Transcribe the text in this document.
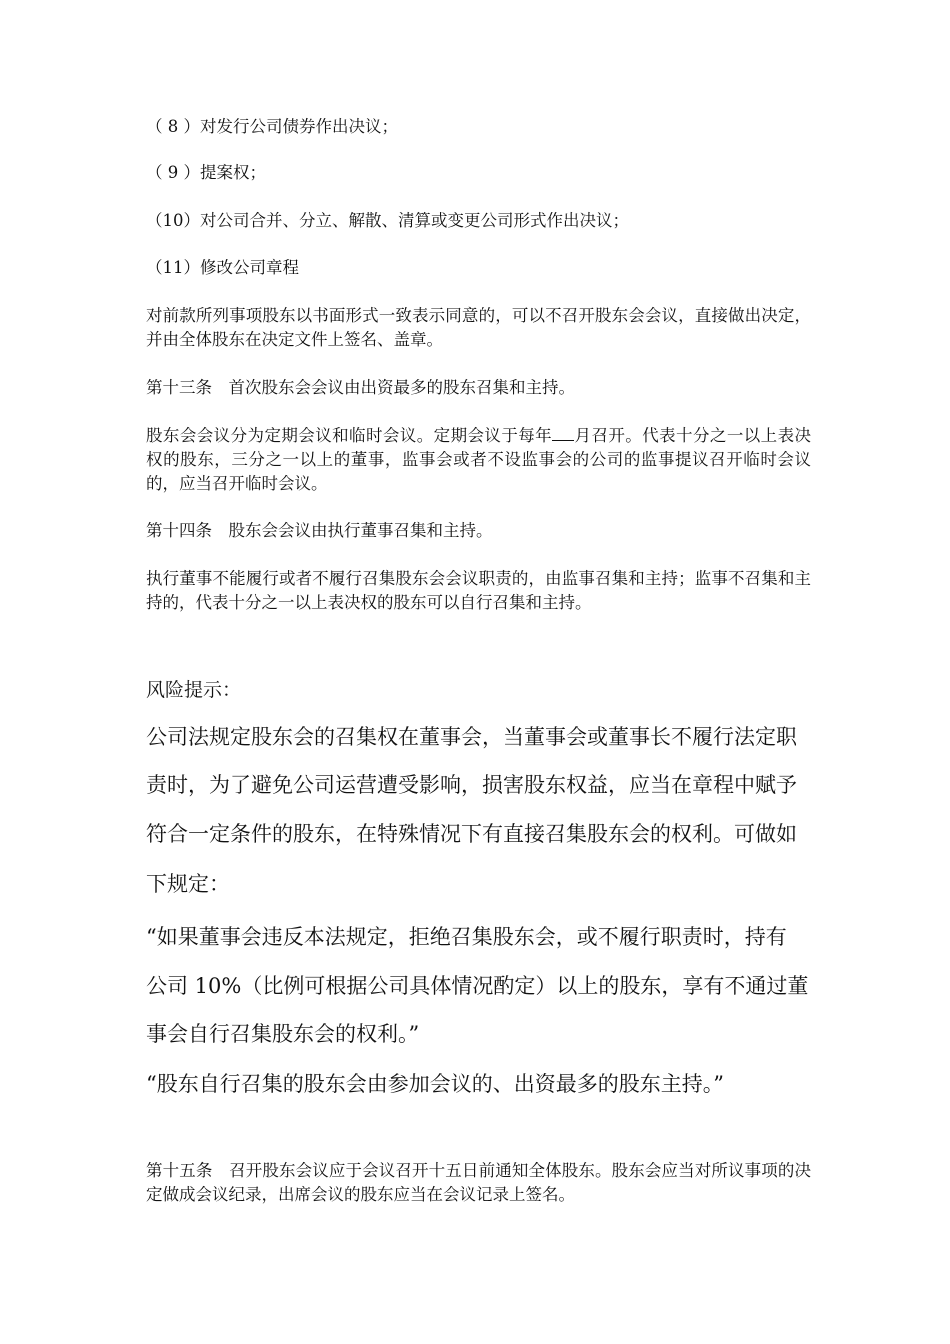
（ 8 ）对发行公司债券作出决议；
（ 9 ）提案权；
（10）对公司合并、分立、解散、清算或变更公司形式作出决议；
（11）修改公司章程
对前款所列事项股东以书面形式一致表示同意的，可以不召开股东会会议，直接做出决定，并由全体股东在决定文件上签名、盖章。
第十三条　首次股东会会议由出资最多的股东召集和主持。
股东会会议分为定期会议和临时会议。定期会议于每年 月召开。代表十分之一以上表决权的股东，三分之一以上的董事，监事会或者不设监事会的公司的监事提议召开临时会议的，应当召开临时会议。
第十四条　股东会会议由执行董事召集和主持。
执行董事不能履行或者不履行召集股东会会议职责的，由监事召集和主持；监事不召集和主持的，代表十分之一以上表决权的股东可以自行召集和主持。
风险提示：
公司法规定股东会的召集权在董事会，当董事会或董事长不履行法定职
责时，为了避免公司运营遭受影响，损害股东权益，应当在章程中赋予
符合一定条件的股东，在特殊情况下有直接召集股东会的权利。可做如
下规定：
“如果董事会违反本法规定，拒绝召集股东会，或不履行职责时，持有
公司 10%（比例可根据公司具体情况酌定）以上的股东，享有不通过董
事会自行召集股东会的权利。”
“股东自行召集的股东会由参加会议的、出资最多的股东主持。”
第十五条　召开股东会议应于会议召开十五日前通知全体股东。股东会应当对所议事项的决定做成会议纪录，出席会议的股东应当在会议记录上签名。
